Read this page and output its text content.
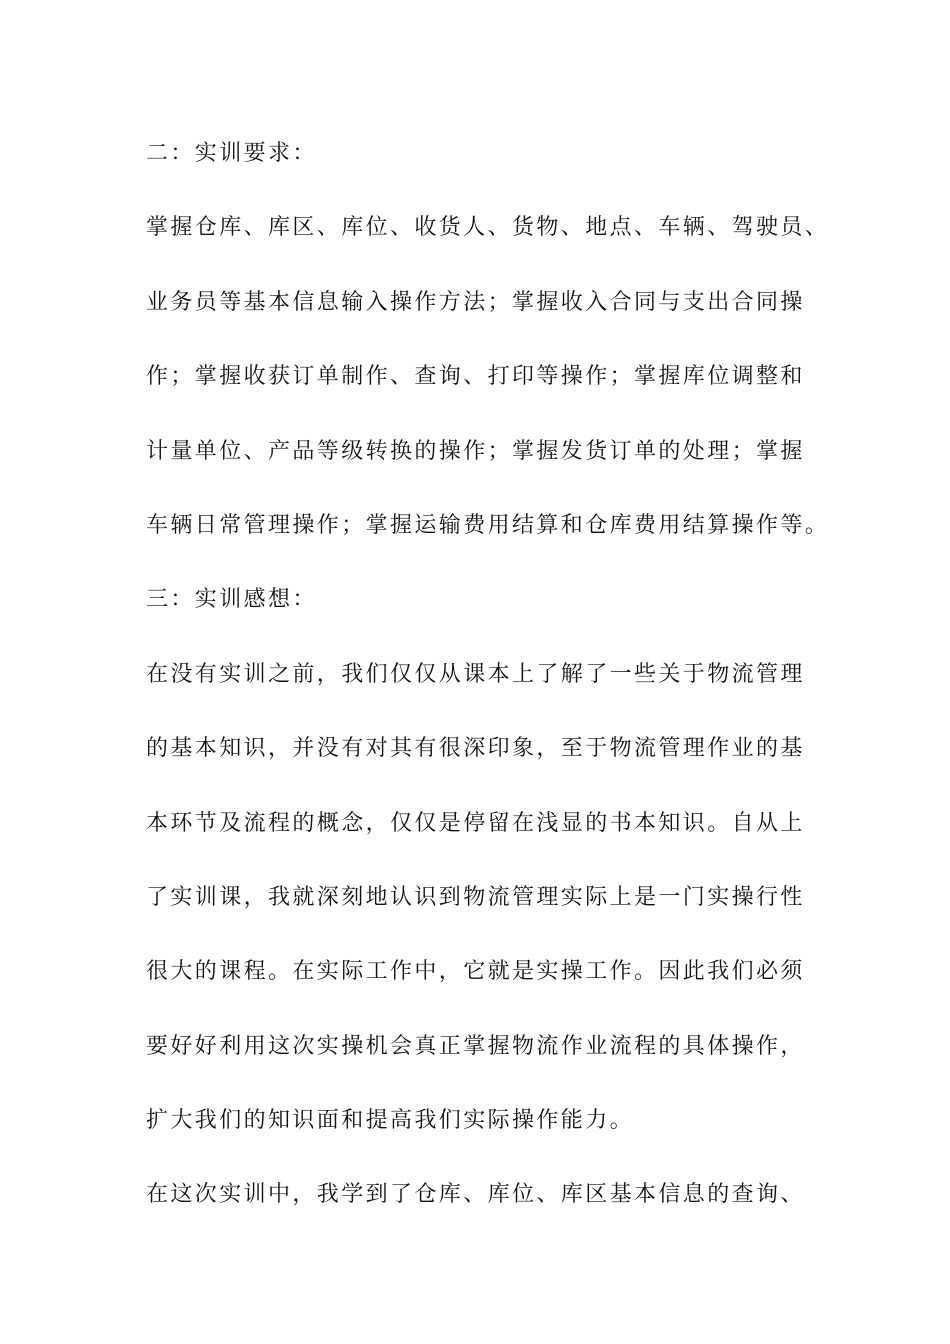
二：实训要求：
掌握仓库、库区、库位、收货人、货物、地点、车辆、驾驶员、
业务员等基本信息输入操作方法；掌握收入合同与支出合同操
作；掌握收获订单制作、查询、打印等操作；掌握库位调整和
计量单位、产品等级转换的操作；掌握发货订单的处理；掌握
车辆日常管理操作；掌握运输费用结算和仓库费用结算操作等。
三：实训感想：
在没有实训之前，我们仅仅从课本上了解了一些关于物流管理
的基本知识，并没有对其有很深印象，至于物流管理作业的基
本环节及流程的概念，仅仅是停留在浅显的书本知识。自从上
了实训课，我就深刻地认识到物流管理实际上是一门实操行性
很大的课程。在实际工作中，它就是实操工作。因此我们必须
要好好利用这次实操机会真正掌握物流作业流程的具体操作，
扩大我们的知识面和提高我们实际操作能力。
在这次实训中，我学到了仓库、库位、库区基本信息的查询、
